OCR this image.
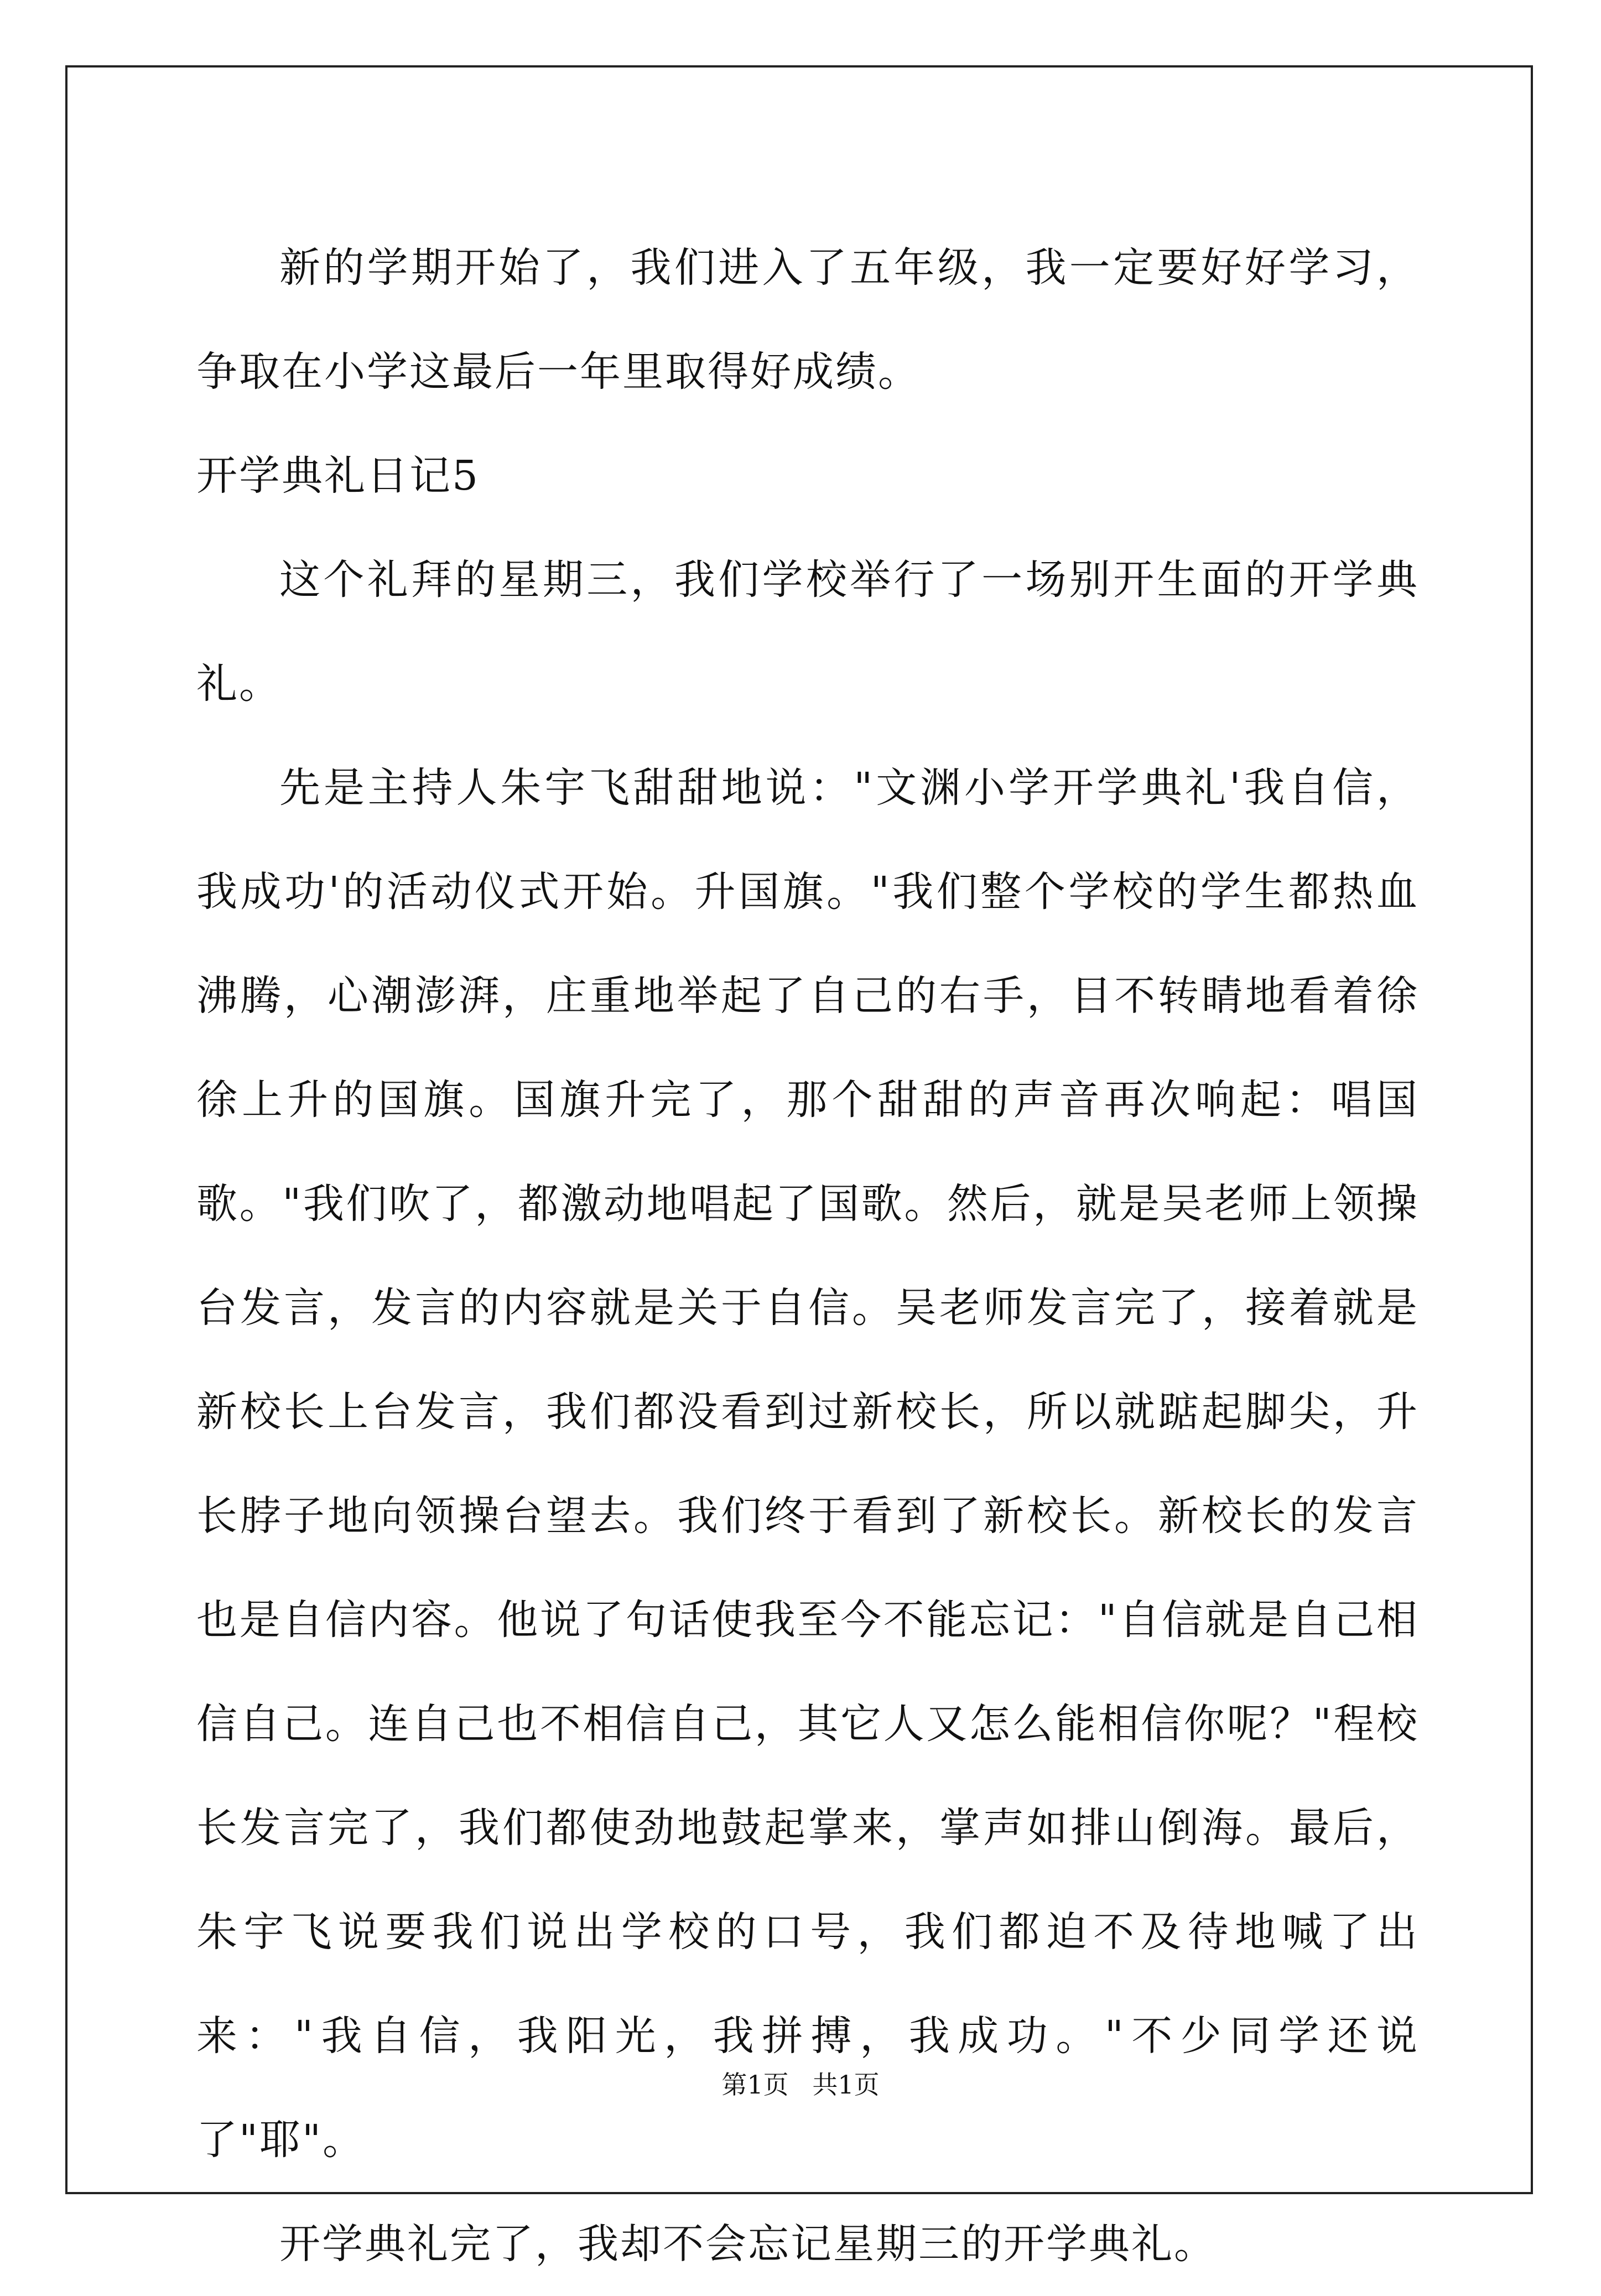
新的学期开始了，我们进入了五年级，我一定要好好学习，争取在小学这最后一年里取得好成绩。

开学典礼日记5

这个礼拜的星期三，我们学校举行了一场别开生面的开学典礼。

先是主持人朱宇飞甜甜地说："文渊小学开学典礼'我自信，我成功'的活动仪式开始。升国旗。"我们整个学校的学生都热血沸腾，心潮澎湃，庄重地举起了自己的右手，目不转睛地看着徐徐上升的国旗。国旗升完了，那个甜甜的声音再次响起：唱国歌。"我们吹了，都激动地唱起了国歌。然后，就是吴老师上领操台发言，发言的内容就是关于自信。吴老师发言完了，接着就是新校长上台发言，我们都没看到过新校长，所以就踮起脚尖，升长脖子地向领操台望去。我们终于看到了新校长。新校长的发言也是自信内容。他说了句话使我至今不能忘记："自信就是自己相信自己。连自己也不相信自己，其它人又怎么能相信你呢？"程校长发言完了，我们都使劲地鼓起掌来，掌声如排山倒海。最后，朱宇飞说要我们说出学校的口号，我们都迫不及待地喊了出来："我自信，我阳光，我拼搏，我成功。"不少同学还说了"耶"。

开学典礼完了，我却不会忘记星期三的开学典礼。

第1页 共1页
